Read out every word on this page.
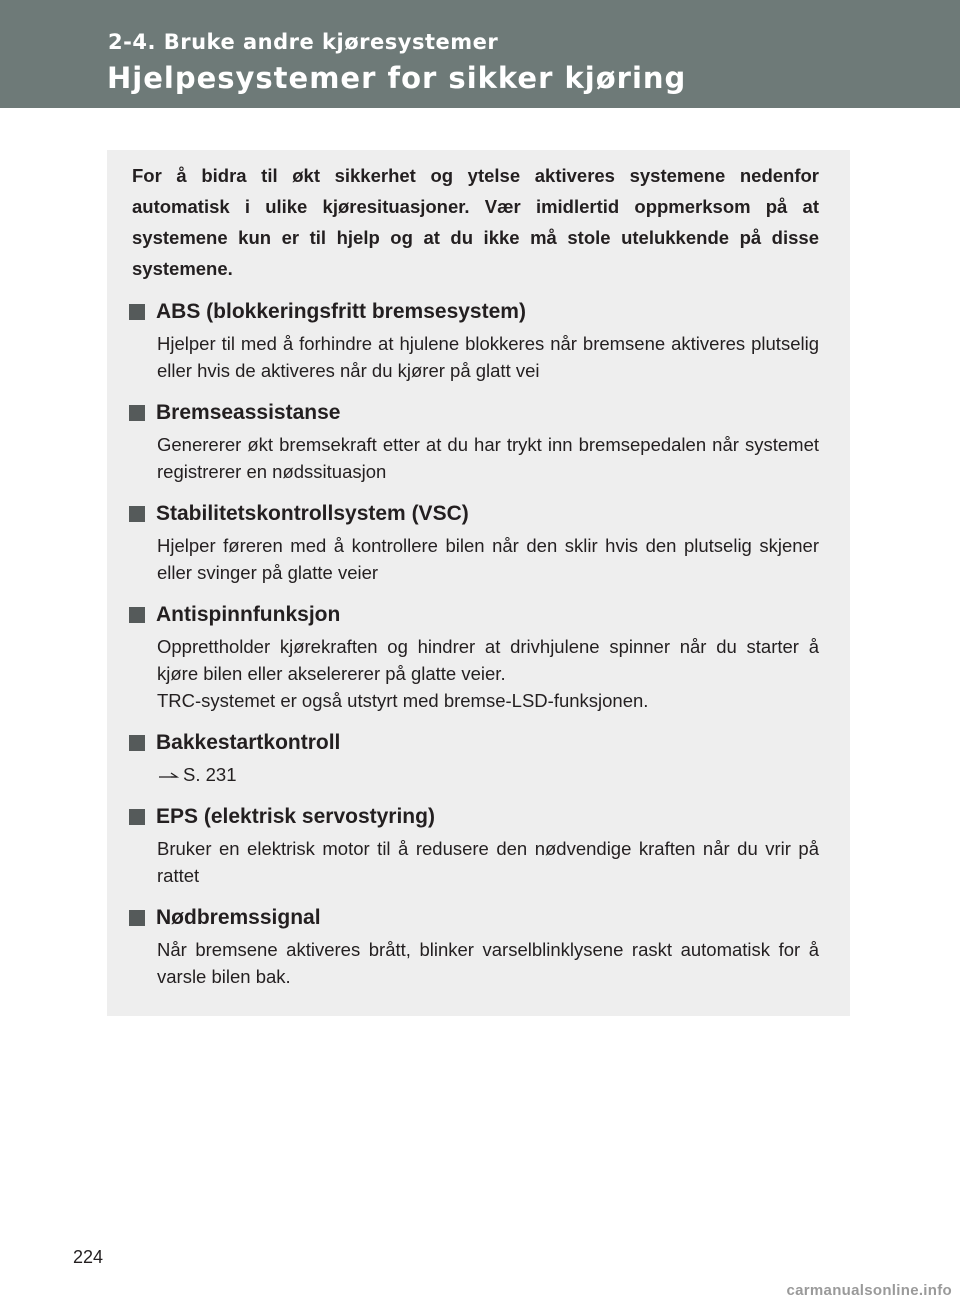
2-4. Bruke andre kjøresystemer
Hjelpesystemer for sikker kjøring
For å bidra til økt sikkerhet og ytelse aktiveres systemene nedenfor automatisk i ulike kjøresituasjoner. Vær imidlertid oppmerksom på at systemene kun er til hjelp og at du ikke må stole utelukkende på disse systemene.
ABS (blokkeringsfritt bremsesystem)
Hjelper til med å forhindre at hjulene blokkeres når bremsene aktiveres plutselig eller hvis de aktiveres når du kjører på glatt vei
Bremseassistanse
Genererer økt bremsekraft etter at du har trykt inn bremsepedalen når systemet registrerer en nødssituasjon
Stabilitetskontrollsystem (VSC)
Hjelper føreren med å kontrollere bilen når den sklir hvis den plutselig skjener eller svinger på glatte veier
Antispinnfunksjon
Opprettholder kjørekraften og hindrer at drivhjulene spinner når du starter å kjøre bilen eller akselererer på glatte veier.
TRC-systemet er også utstyrt med bremse-LSD-funksjonen.
Bakkestartkontroll
S. 231
EPS (elektrisk servostyring)
Bruker en elektrisk motor til å redusere den nødvendige kraften når du vrir på rattet
Nødbremssignal
Når bremsene aktiveres brått, blinker varselblinklysene raskt automatisk for å varsle bilen bak.
224
carmanualsonline.info
